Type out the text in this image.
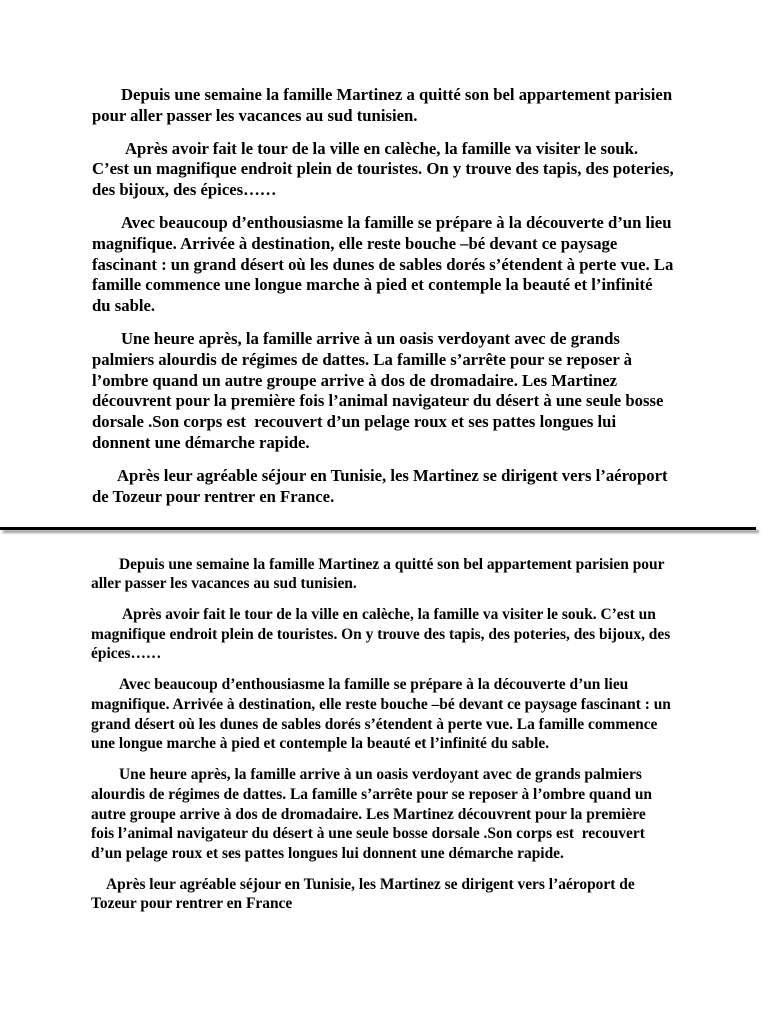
Depuis une semaine la famille Martinez a quitté son bel appartement parisien
pour aller passer les vacances au sud tunisien.
Après avoir fait le tour de la ville en calèche, la famille va visiter le souk.
C’est un magnifique endroit plein de touristes. On y trouve des tapis, des poteries,
des bijoux, des épices……
Avec beaucoup d’enthousiasme la famille se prépare à la découverte d’un lieu
magnifique. Arrivée à destination, elle reste bouche –bé devant ce paysage
fascinant : un grand désert où les dunes de sables dorés s’étendent à perte vue. La
famille commence une longue marche à pied et contemple la beauté et l’infinité
du sable.
Une heure après, la famille arrive à un oasis verdoyant avec de grands
palmiers alourdis de régimes de dattes. La famille s’arrête pour se reposer à
l’ombre quand un autre groupe arrive à dos de dromadaire. Les Martinez
découvrent pour la première fois l’animal navigateur du désert à une seule bosse
dorsale .Son corps est  recouvert d’un pelage roux et ses pattes longues lui
donnent une démarche rapide.
Après leur agréable séjour en Tunisie, les Martinez se dirigent vers l’aéroport
de Tozeur pour rentrer en France.
Depuis une semaine la famille Martinez a quitté son bel appartement parisien pour
aller passer les vacances au sud tunisien.
Après avoir fait le tour de la ville en calèche, la famille va visiter le souk. C’est un
magnifique endroit plein de touristes. On y trouve des tapis, des poteries, des bijoux, des
épices……
Avec beaucoup d’enthousiasme la famille se prépare à la découverte d’un lieu
magnifique. Arrivée à destination, elle reste bouche –bé devant ce paysage fascinant : un
grand désert où les dunes de sables dorés s’étendent à perte vue. La famille commence
une longue marche à pied et contemple la beauté et l’infinité du sable.
Une heure après, la famille arrive à un oasis verdoyant avec de grands palmiers
alourdis de régimes de dattes. La famille s’arrête pour se reposer à l’ombre quand un
autre groupe arrive à dos de dromadaire. Les Martinez découvrent pour la première
fois l’animal navigateur du désert à une seule bosse dorsale .Son corps est  recouvert
d’un pelage roux et ses pattes longues lui donnent une démarche rapide.
Après leur agréable séjour en Tunisie, les Martinez se dirigent vers l’aéroport de
Tozeur pour rentrer en France
